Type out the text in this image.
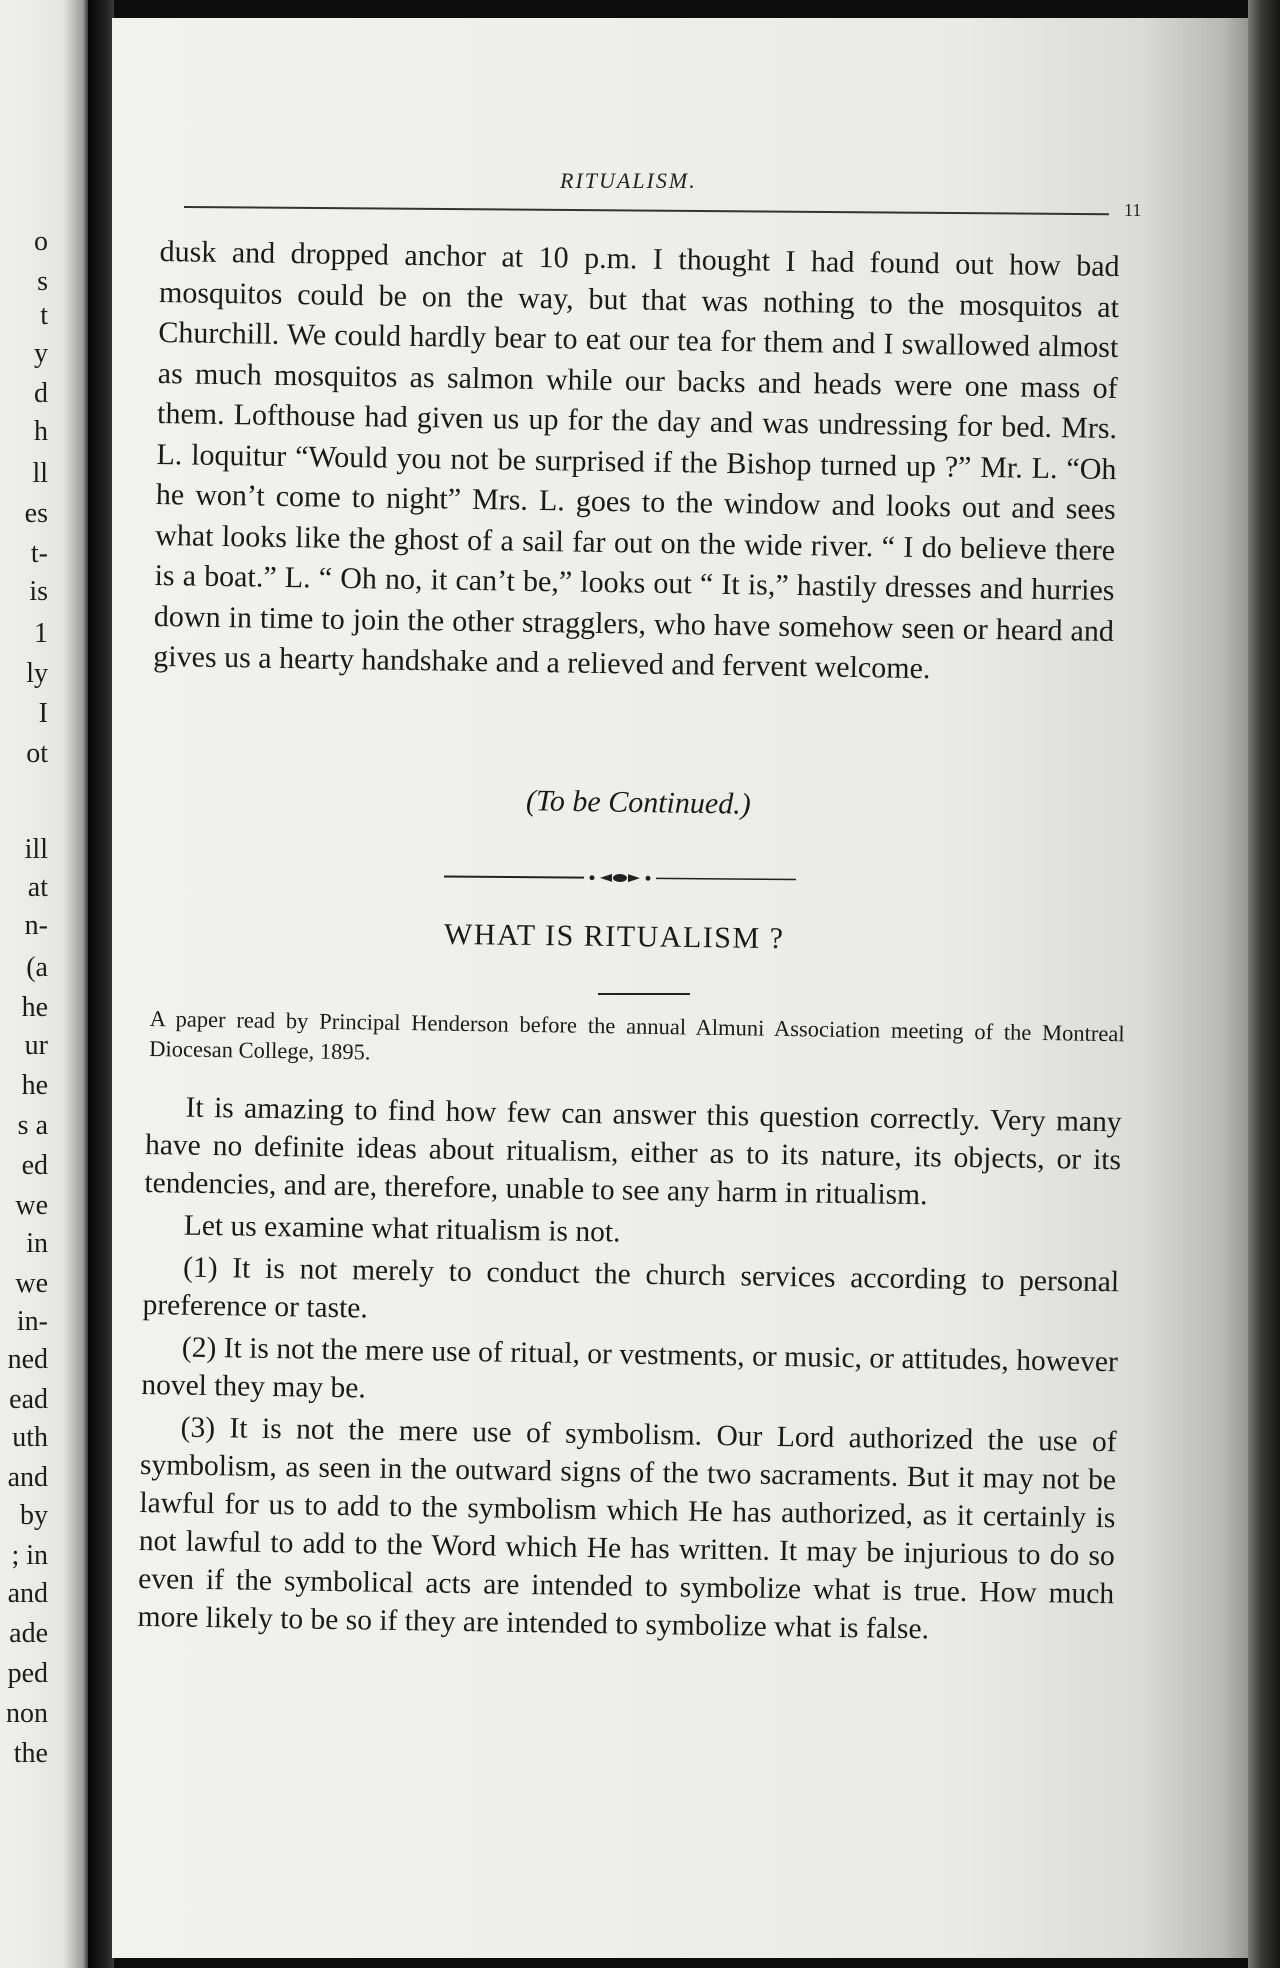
o
s
t
y
d
h
ll
es
t-
is
1
ly
I
ot
ill
at
n-
(a
he
ur
he
s a
ed
we
in
we
in-
ned
ead
uth
and
by
; in
and
ade
ped
non
the
RITUALISM.
11

dusk and dropped anchor at 10 p.m. I thought I had found out how bad mosquitos could be on the way, but that was nothing to the mosquitos at Churchill. We could hardly bear to eat our tea for them and I swallowed almost as much mosquitos as salmon while our backs and heads were one mass of them. Lofthouse had given us up for the day and was undressing for bed. Mrs. L. loquitur “Would you not be surprised if the Bishop turned up ?” Mr. L. “Oh he won’t come to night” Mrs. L. goes to the window and looks out and sees what looks like the ghost of a sail far out on the wide river. “ I do believe there is a boat.” L. “ Oh no, it can’t be,” looks out “ It is,” hastily dresses and hurries down in time to join the other stragglers, who have somehow seen or heard and gives us a hearty handshake and a relieved and fervent welcome.

(To be Continued.)
WHAT IS RITUALISM ?
A paper read by Principal Henderson before the annual Almuni Association meeting of the Montreal Diocesan College, 1895.

It is amazing to find how few can answer this question correctly. Very many have no definite ideas about ritualism, either as to its nature, its objects, or its tendencies, and are, therefore, unable to see any harm in ritualism.

Let us examine what ritualism is not.

(1) It is not merely to conduct the church services according to personal preference or taste.

(2) It is not the mere use of ritual, or vestments, or music, or attitudes, however novel they may be.

(3) It is not the mere use of symbolism. Our Lord authorized the use of symbolism, as seen in the outward signs of the two sacraments. But it may not be lawful for us to add to the symbolism which He has authorized, as it certainly is not lawful to add to the Word which He has written. It may be injurious to do so even if the symbolical acts are intended to symbolize what is true. How much more likely to be so if they are intended to symbolize what is false.
